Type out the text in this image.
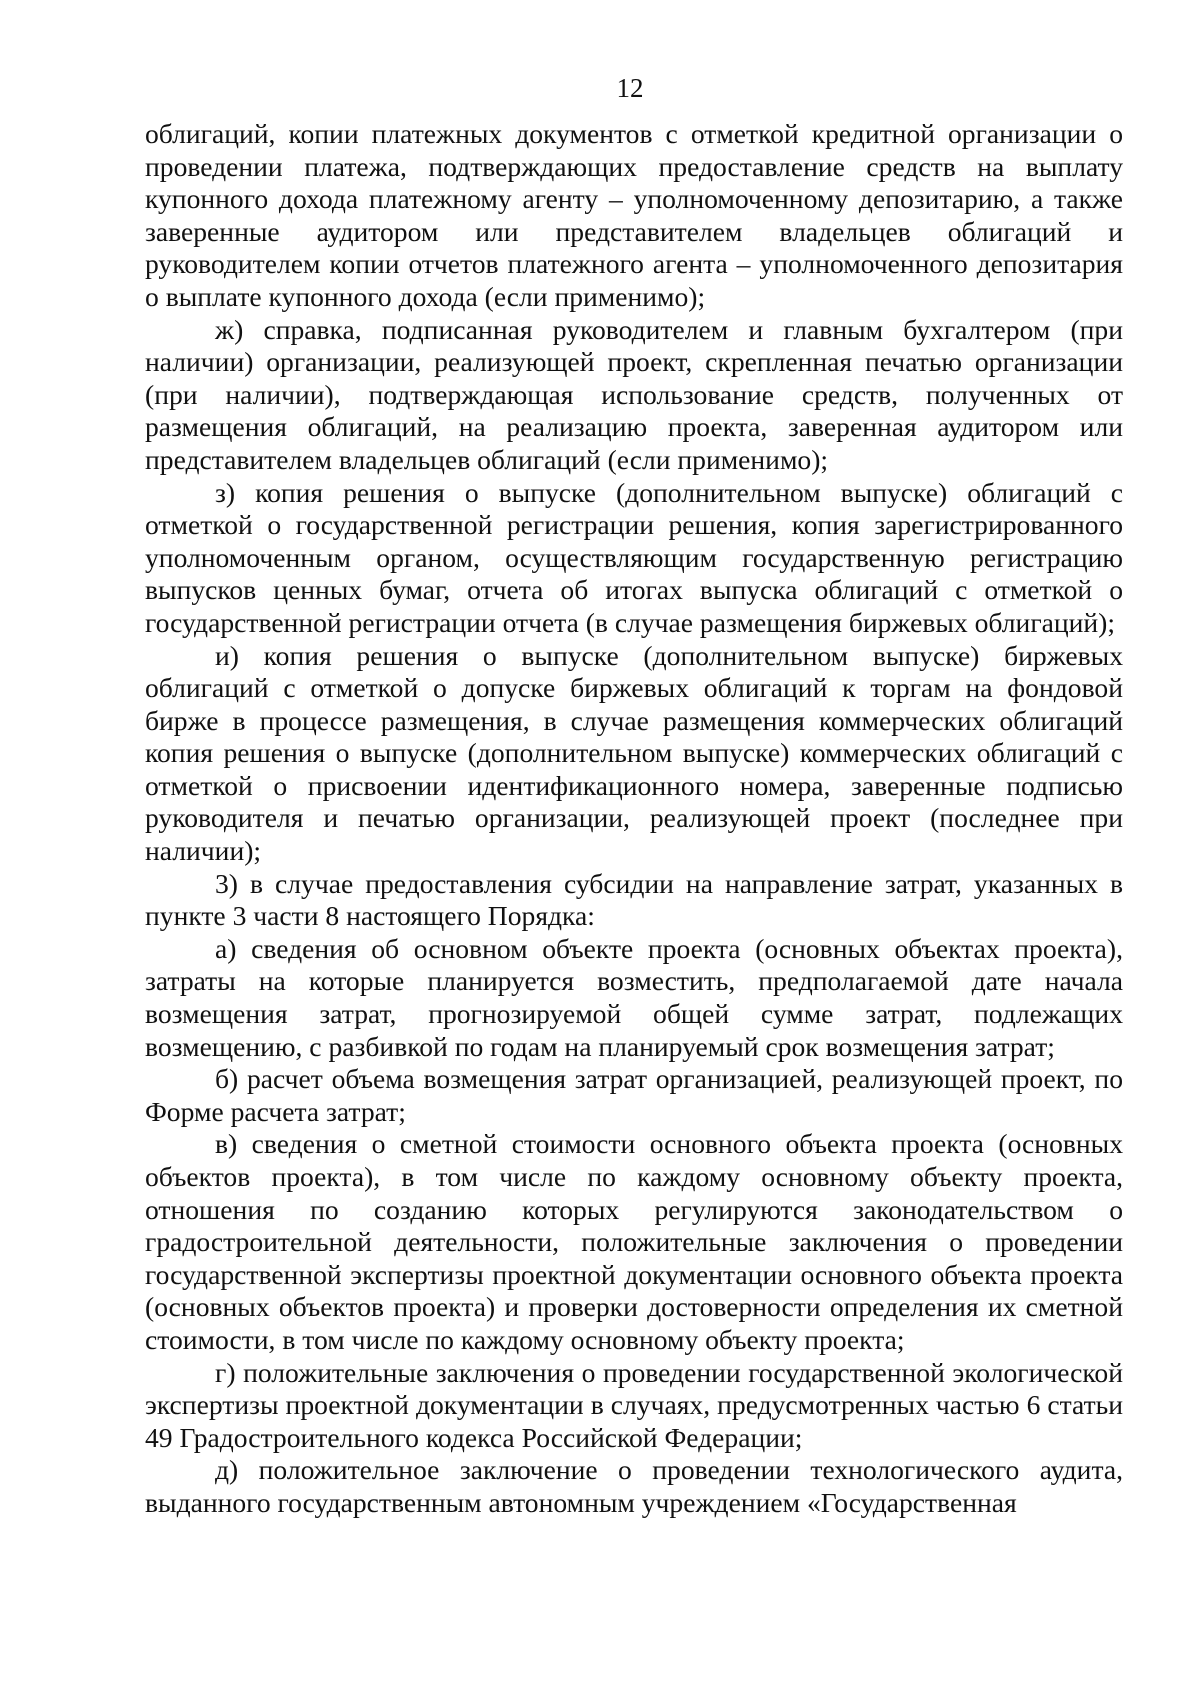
12

облигаций, копии платежных документов с отметкой кредитной организации о проведении платежа, подтверждающих предоставление средств на выплату купонного дохода платежному агенту – уполномоченному депозитарию, а также заверенные аудитором или представителем владельцев облигаций и руководителем копии отчетов платежного агента – уполномоченного депозитария о выплате купонного дохода (если применимо);

ж) справка, подписанная руководителем и главным бухгалтером (при наличии) организации, реализующей проект, скрепленная печатью организации (при наличии), подтверждающая использование средств, полученных от размещения облигаций, на реализацию проекта, заверенная аудитором или представителем владельцев облигаций (если применимо);

з) копия решения о выпуске (дополнительном выпуске) облигаций с отметкой о государственной регистрации решения, копия зарегистрированного уполномоченным органом, осуществляющим государственную регистрацию выпусков ценных бумаг, отчета об итогах выпуска облигаций с отметкой о государственной регистрации отчета (в случае размещения биржевых облигаций);

и) копия решения о выпуске (дополнительном выпуске) биржевых облигаций с отметкой о допуске биржевых облигаций к торгам на фондовой бирже в процессе размещения, в случае размещения коммерческих облигаций копия решения о выпуске (дополнительном выпуске) коммерческих облигаций с отметкой о присвоении идентификационного номера, заверенные подписью руководителя и печатью организации, реализующей проект (последнее при наличии);

3) в случае предоставления субсидии на направление затрат, указанных в пункте 3 части 8 настоящего Порядка:

а) сведения об основном объекте проекта (основных объектах проекта), затраты на которые планируется возместить, предполагаемой дате начала возмещения затрат, прогнозируемой общей сумме затрат, подлежащих возмещению, с разбивкой по годам на планируемый срок возмещения затрат;

б) расчет объема возмещения затрат организацией, реализующей проект, по Форме расчета затрат;

в) сведения о сметной стоимости основного объекта проекта (основных объектов проекта), в том числе по каждому основному объекту проекта, отношения по созданию которых регулируются законодательством о градостроительной деятельности, положительные заключения о проведении государственной экспертизы проектной документации основного объекта проекта (основных объектов проекта) и проверки достоверности определения их сметной стоимости, в том числе по каждому основному объекту проекта;

г) положительные заключения о проведении государственной экологической экспертизы проектной документации в случаях, предусмотренных частью 6 статьи 49 Градостроительного кодекса Российской Федерации;

д) положительное заключение о проведении технологического аудита, выданного государственным автономным учреждением «Государственная
